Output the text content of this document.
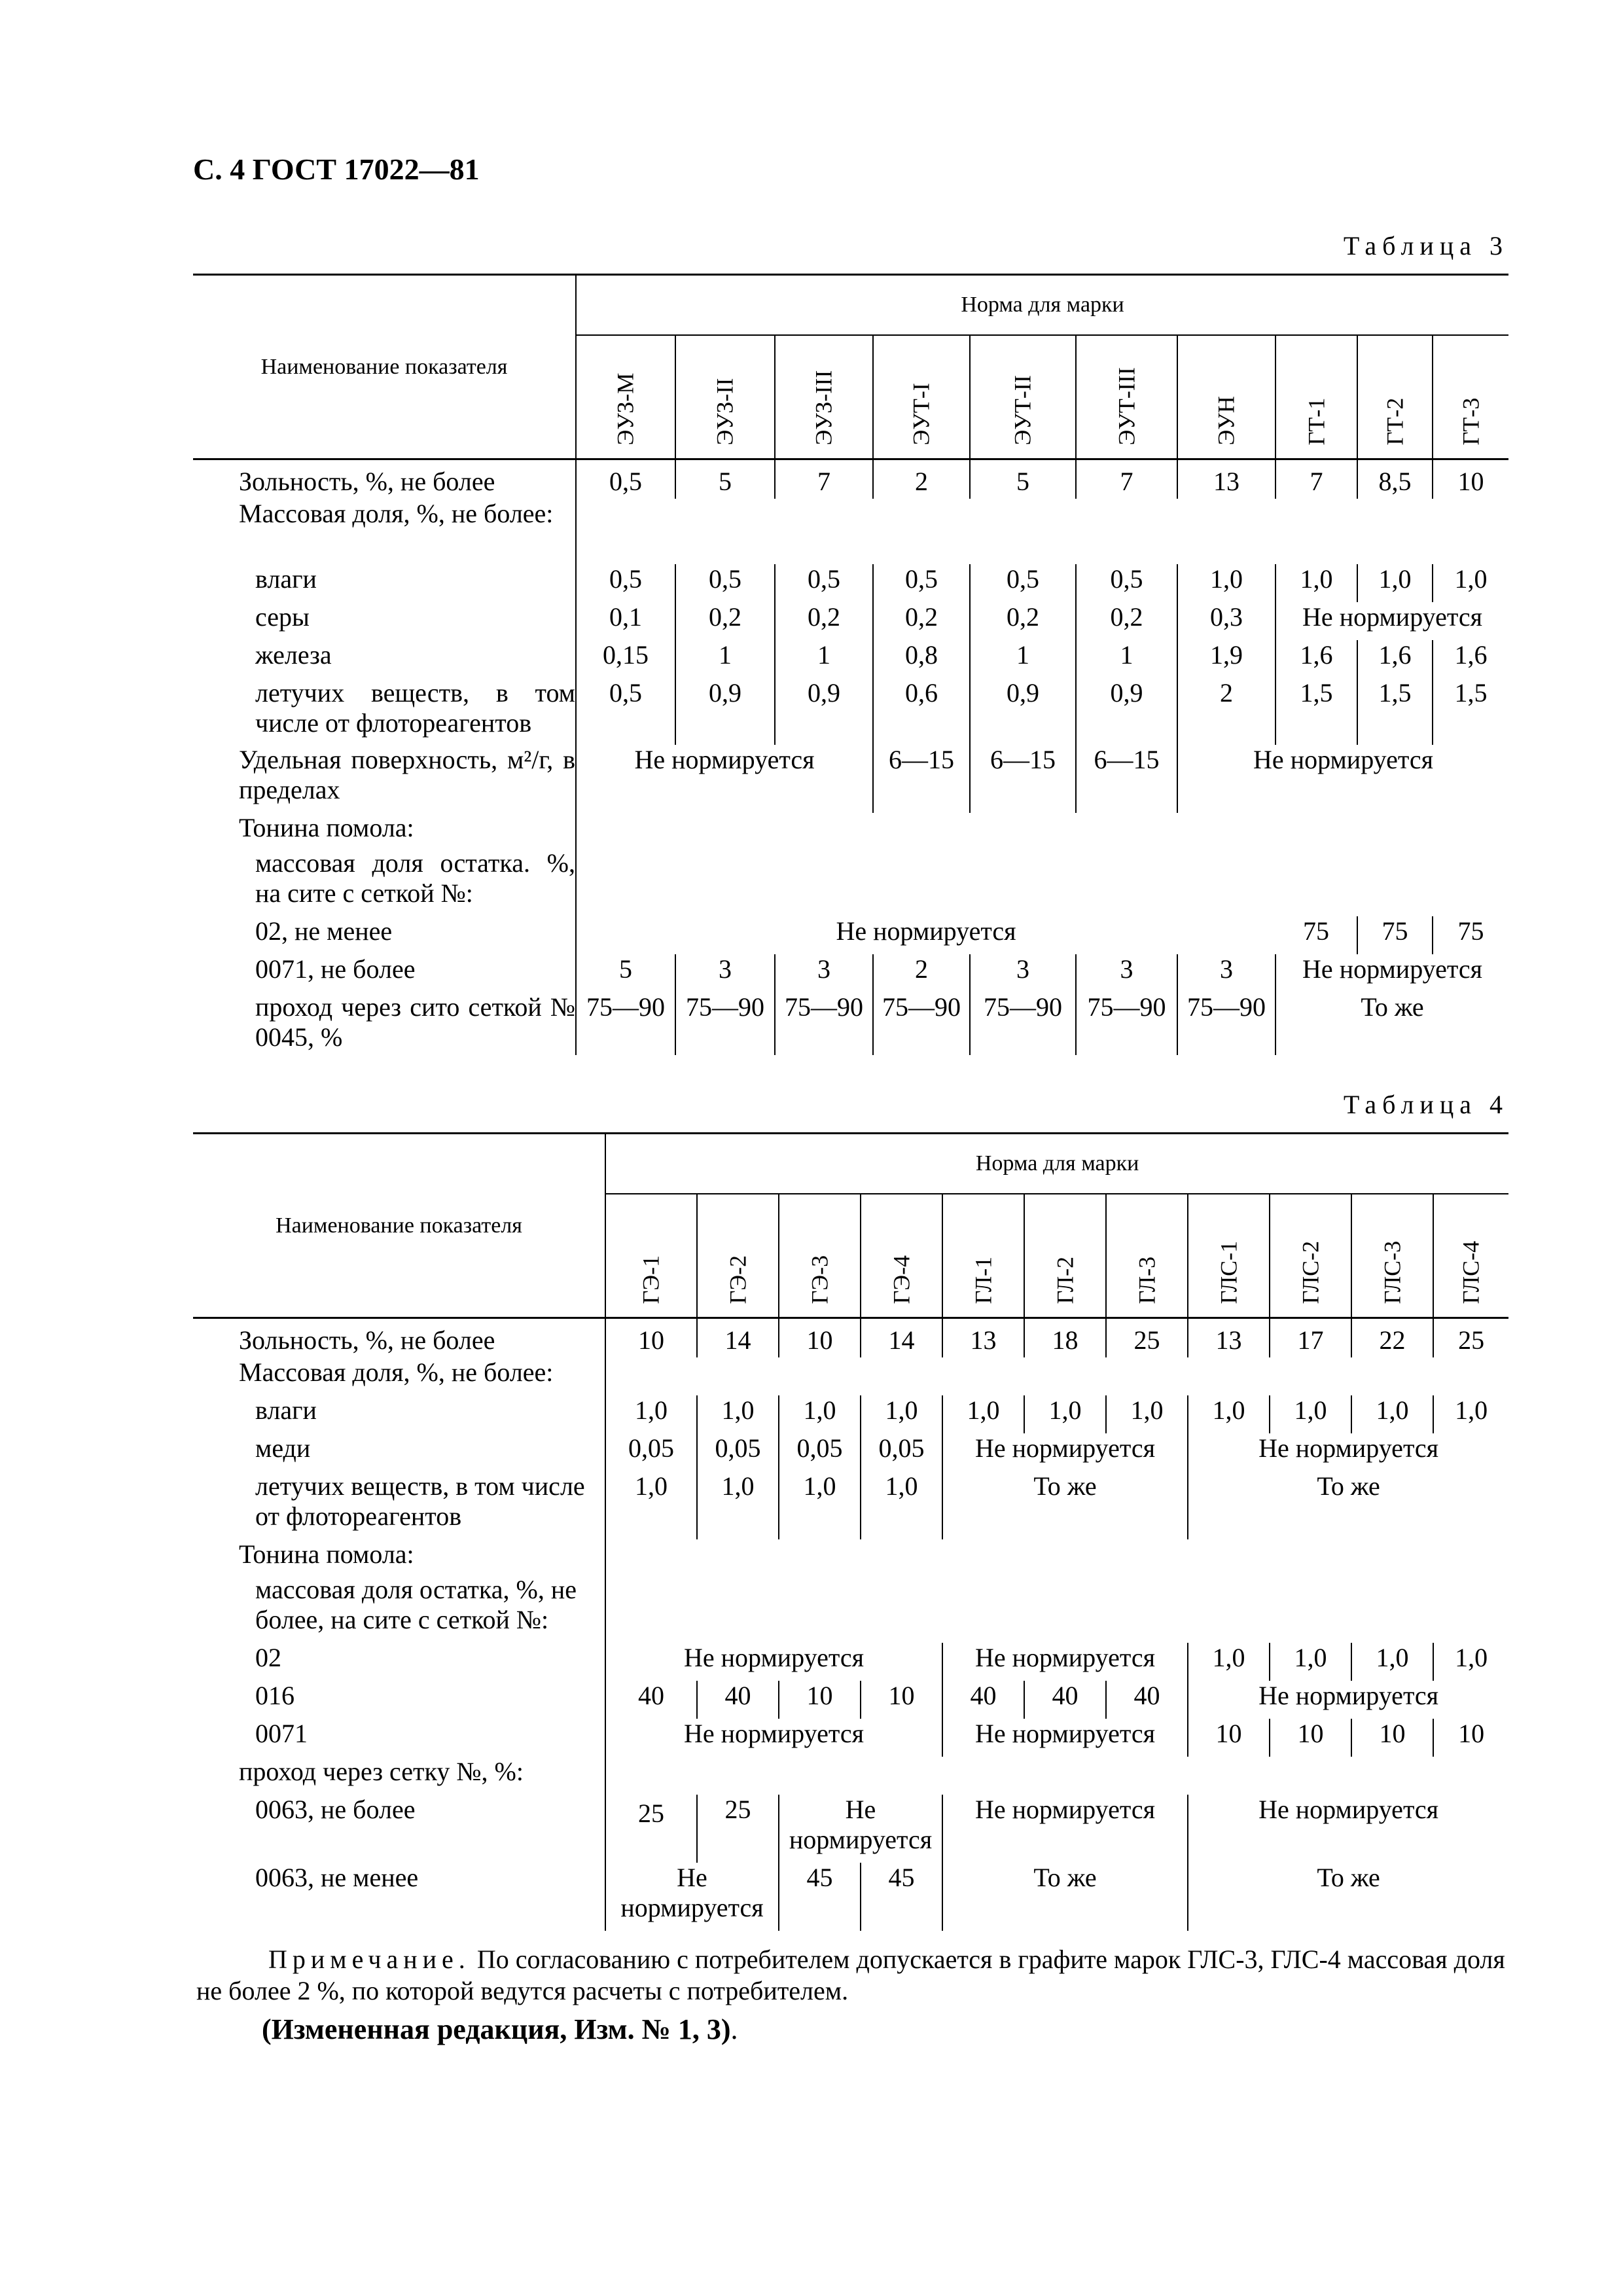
С. 4 ГОСТ 17022—81
Таблица 3
Наименование показателя	Норма для марки									

	ЭУЗ-М	ЭУЗ-II	ЭУЗ-III	ЭУТ-I	ЭУТ-II	ЭУТ-III	ЭУН	ГТ-1	ГТ-2	ГТ-3

Зольность, %, не более	0,5	5	7	2	5	7	13	7	8,5	10
Массовая доля, %, не более:										
влаги	0,5	0,5	0,5	0,5	0,5	0,5	1,0	1,0	1,0	1,0
серы	0,1	0,2	0,2	0,2	0,2	0,2	0,3	Не нормируется		
железа	0,15	1	1	0,8	1	1	1,9	1,6	1,6	1,6
летучих веществ, в том числе от флотореагентов	0,5	0,9	0,9	0,6	0,9	0,9	2	1,5	1,5	1,5
Удельная поверхность, м²/г, в пределах	Не нормируется			6—15	6—15	6—15	Не нормируется			
Тонина помола:										
массовая доля остатка. %, на сите с сеткой №:										
02, не менее	Не нормируется							75	75	75
0071, не более	5	3	3	2	3	3	3	Не нормируется		
проход через сито сеткой № 0045, %	75—90	75—90	75—90	75—90	75—90	75—90	75—90	То же		
Таблица 4
Наименование показателя	Норма для марки										

	ГЭ-1	ГЭ-2	ГЭ-3	ГЭ-4	ГЛ-1	ГЛ-2	ГЛ-3	ГЛС-1	ГЛС-2	ГЛС-3	ГЛС-4

Зольность, %, не более	10	14	10	14	13	18	25	13	17	22	25
Массовая доля, %, не более:											
влаги	1,0	1,0	1,0	1,0	1,0	1,0	1,0	1,0	1,0	1,0	1,0
меди	0,05	0,05	0,05	0,05	Не нормируется			Не нормируется			
летучих веществ, в том числе от флотореагентов	1,0	1,0	1,0	1,0	То же			То же			
Тонина помола:											
массовая доля остатка, %, не более, на сите с сеткой №:											
02	Не нормируется				Не нормируется			1,0	1,0	1,0	1,0
016	40	40	10	10	40	40	40	Не нормируется			
0071	Не нормируется				Не нормируется			10	10	10	10
проход через сетку №, %:											
0063, не более	25	25	Не нормируется		Не нормируется			Не нормируется			
0063, не менее	Не нормируется		45	45	То же			То же			
Примечание. По согласованию с потребителем допускается в графите марок ГЛС-3, ГЛС-4 массовая доля не более 2 %, по которой ведутся расчеты с потребителем.
(Измененная редакция, Изм. № 1, 3).
